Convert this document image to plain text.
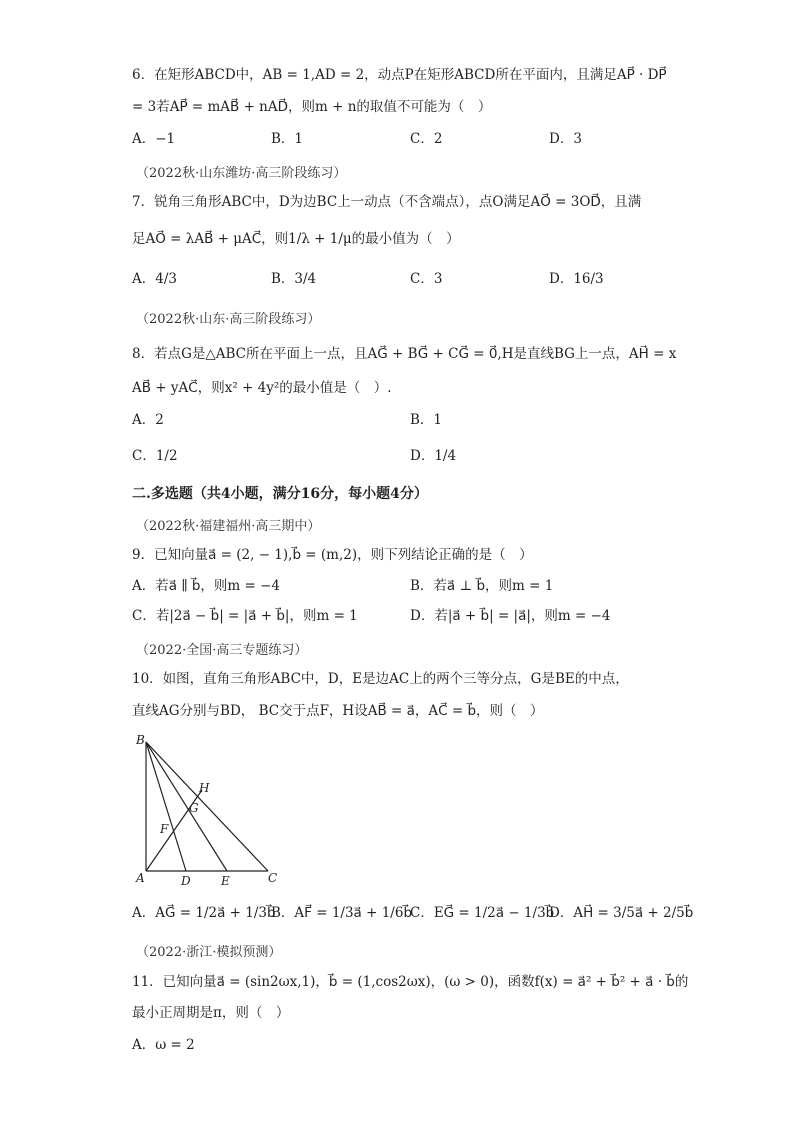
6．在矩形ABCD中，AB = 1,AD = 2，动点P在矩形ABCD所在平面内，且满足AP⃗ · DP⃗
= 3若AP⃗ = mAB⃗ + nAD⃗，则m + n的取值不可能为（　）
A．−1	B．1	C．2	D．3
（2022秋·山东潍坊·高三阶段练习）
7．锐角三角形ABC中，D为边BC上一动点（不含端点），点O满足AO⃗ = 3OD⃗，且满
足AO⃗ = λAB⃗ + μAC⃗，则1/λ + 1/μ的最小值为（　）
A．4/3	B．3/4	C．3	D．16/3
（2022秋·山东·高三阶段练习）
8．若点G是△ABC所在平面上一点，且AG⃗ + BG⃗ + CG⃗ = 0⃗,H是直线BG上一点，AH⃗ = x
AB⃗ + yAC⃗，则x² + 4y²的最小值是（　）.
A．2	B．1
C．1/2	D．1/4
二.多选题（共4小题，满分16分，每小题4分）
（2022秋·福建福州·高三期中）
9．已知向量a⃗ = (2, − 1),b⃗ = (m,2)，则下列结论正确的是（　）
A．若a⃗ ∥ b⃗，则m = −4	B．若a⃗ ⊥ b⃗，则m = 1
C．若|2a⃗ − b⃗| = |a⃗ + b⃗|，则m = 1	D．若|a⃗ + b⃗| = |a⃗|，则m = −4
（2022·全国·高三专题练习）
10．如图，直角三角形ABC中，D，E是边AC上的两个三等分点，G是BE的中点，
直线AG分别与BD， BC交于点F，H设AB⃗ = a⃗，AC⃗ = b⃗，则（　）
B
H
G
F
A	D	E	C
A．AG⃗ = 1/2a⃗ + 1/3b⃗
B．AF⃗ = 1/3a⃗ + 1/6b⃗
C．EG⃗ = 1/2a⃗ − 1/3b⃗
D．AH⃗ = 3/5a⃗ + 2/5b⃗
（2022·浙江·模拟预测）
11．已知向量a⃗ = (sin2ωx,1)，b⃗ = (1,cos2ωx)，(ω > 0)，函数f(x) = a⃗² + b⃗² + a⃗ · b⃗的
最小正周期是π，则（　）
A．ω = 2
